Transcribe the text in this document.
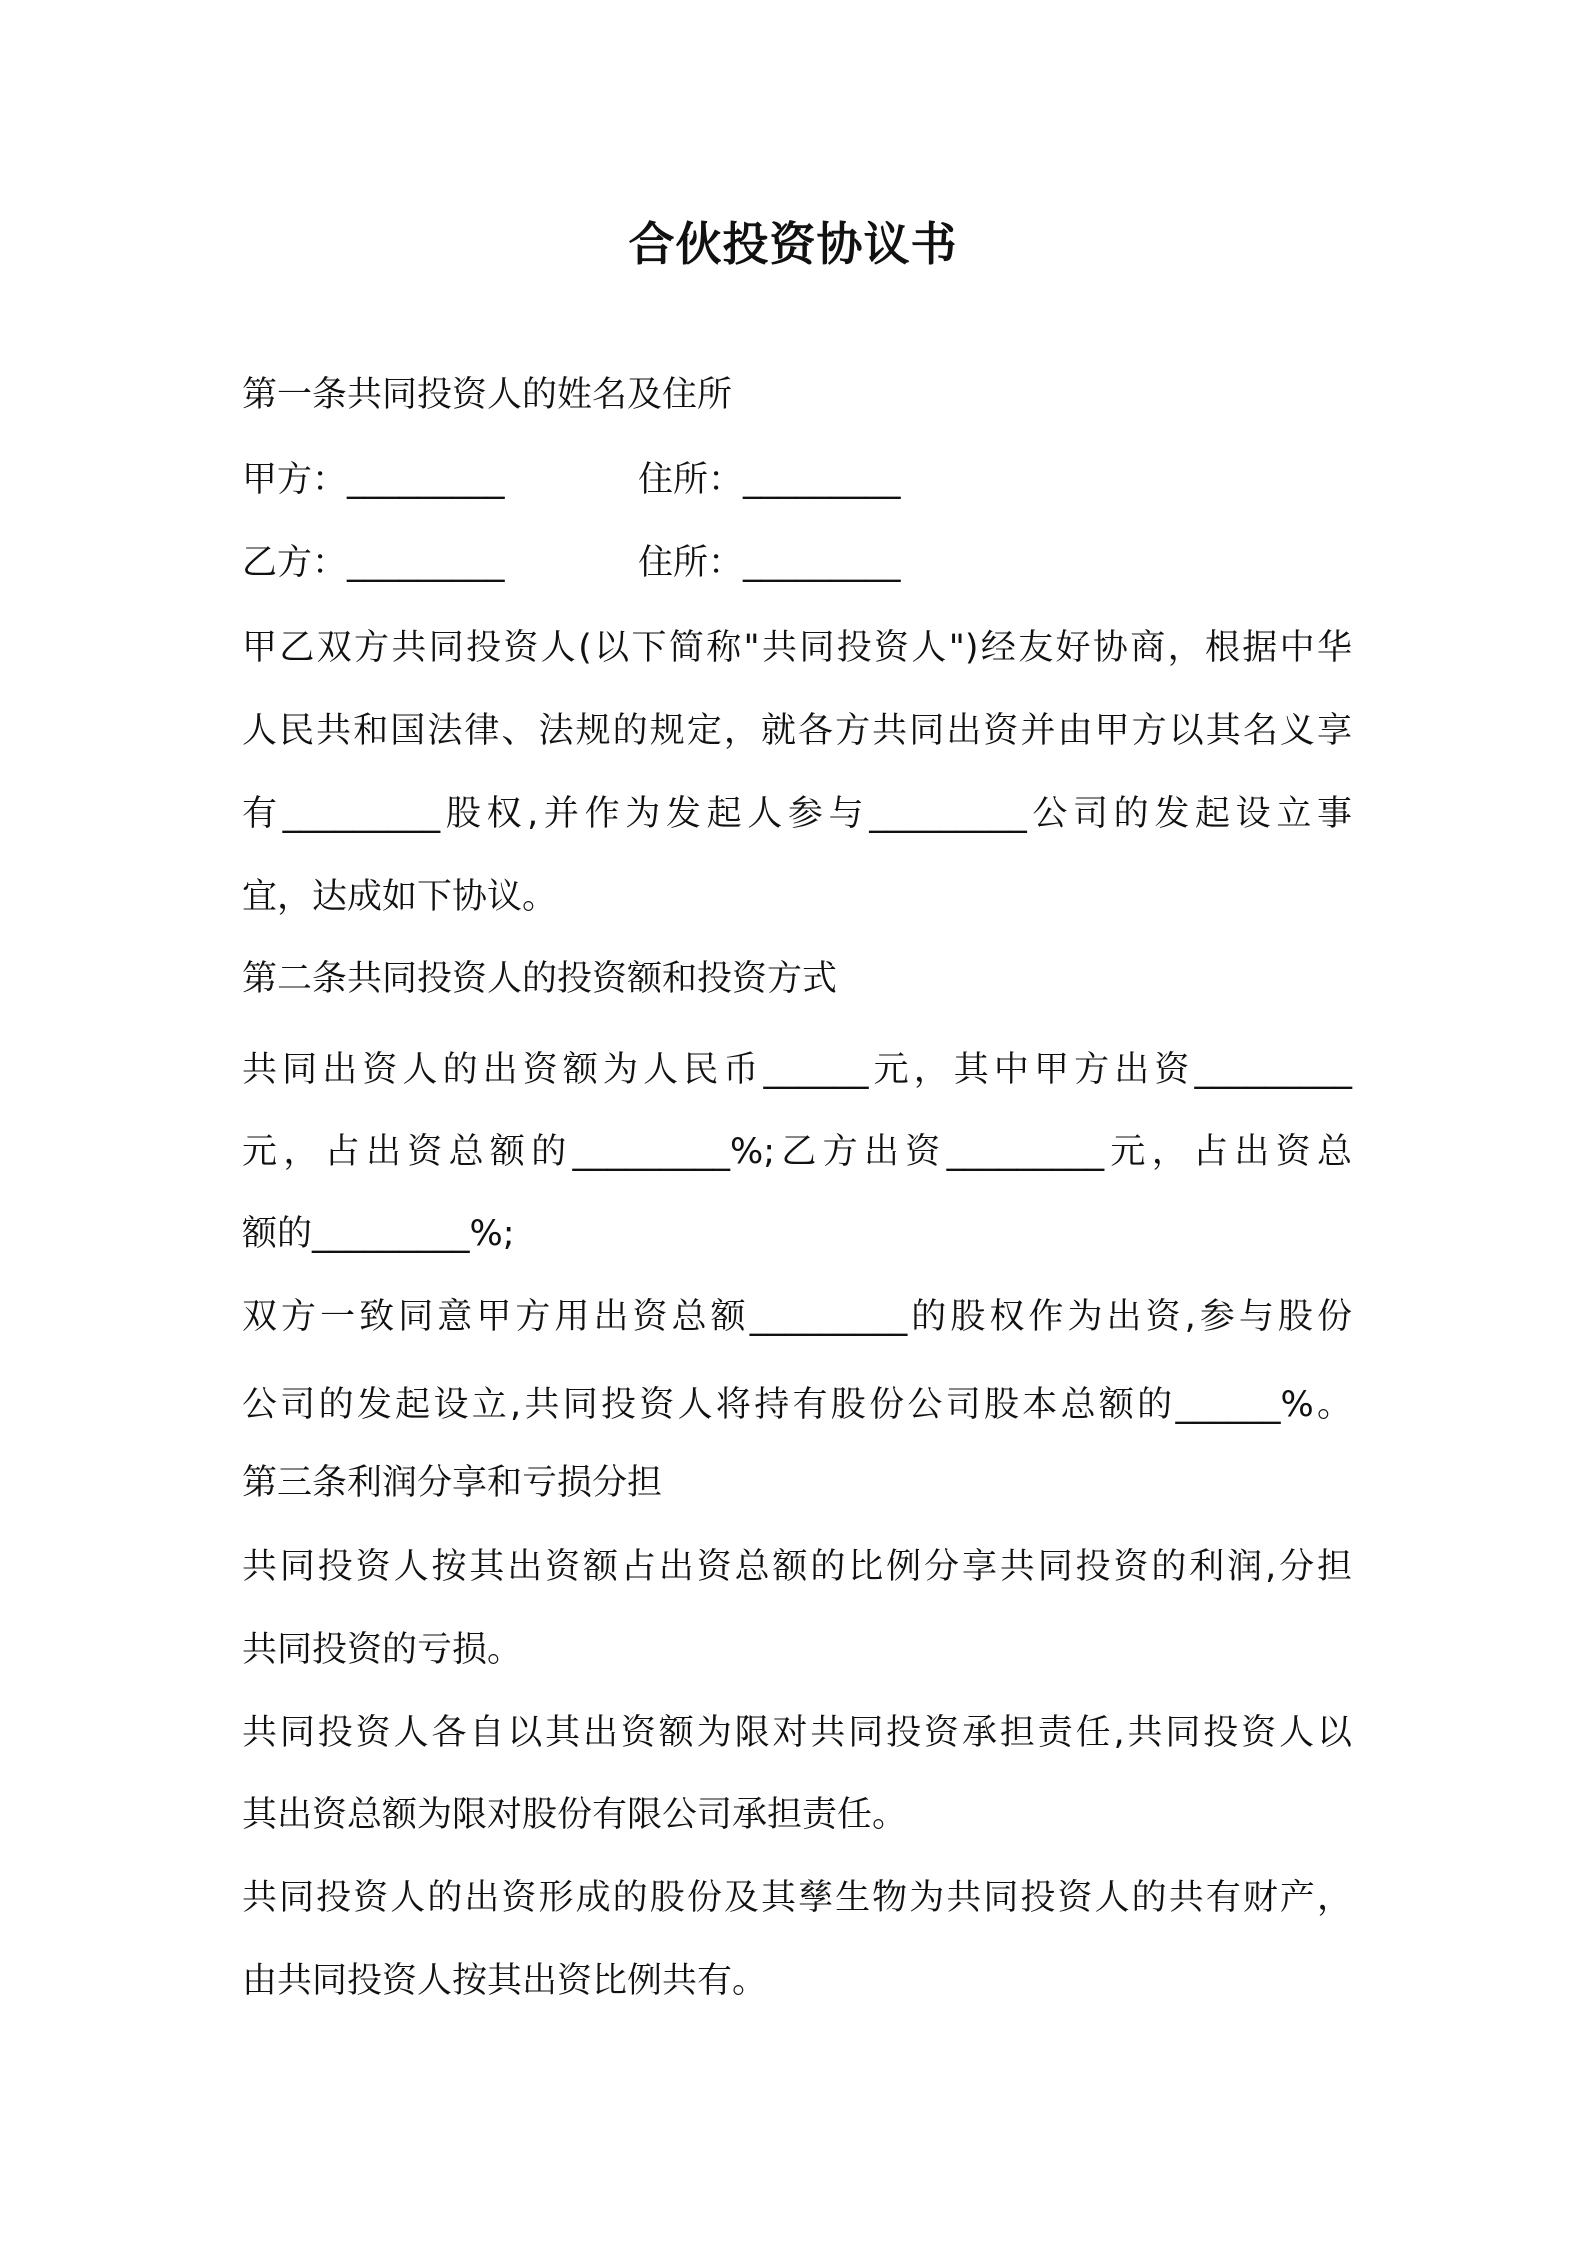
合伙投资协议书
第一条共同投资人的姓名及住所
甲方：_________	住所：_________
乙方：_________	住所：_________
甲乙双方共同投资人(以下简称"共同投资人")经友好协商，根据中华
人民共和国法律、法规的规定，就各方共同出资并由甲方以其名义享
有_________股权,并作为发起人参与_________公司的发起设立事
宜，达成如下协议。
第二条共同投资人的投资额和投资方式
共同出资人的出资额为人民币______元，其中甲方出资_________
元，占出资总额的_________%;乙方出资_________元，占出资总
额的_________%;
双方一致同意甲方用出资总额_________的股权作为出资,参与股份
公司的发起设立,共同投资人将持有股份公司股本总额的______%。
第三条利润分享和亏损分担
共同投资人按其出资额占出资总额的比例分享共同投资的利润,分担
共同投资的亏损。
共同投资人各自以其出资额为限对共同投资承担责任,共同投资人以
其出资总额为限对股份有限公司承担责任。
共同投资人的出资形成的股份及其孳生物为共同投资人的共有财产，
由共同投资人按其出资比例共有。
